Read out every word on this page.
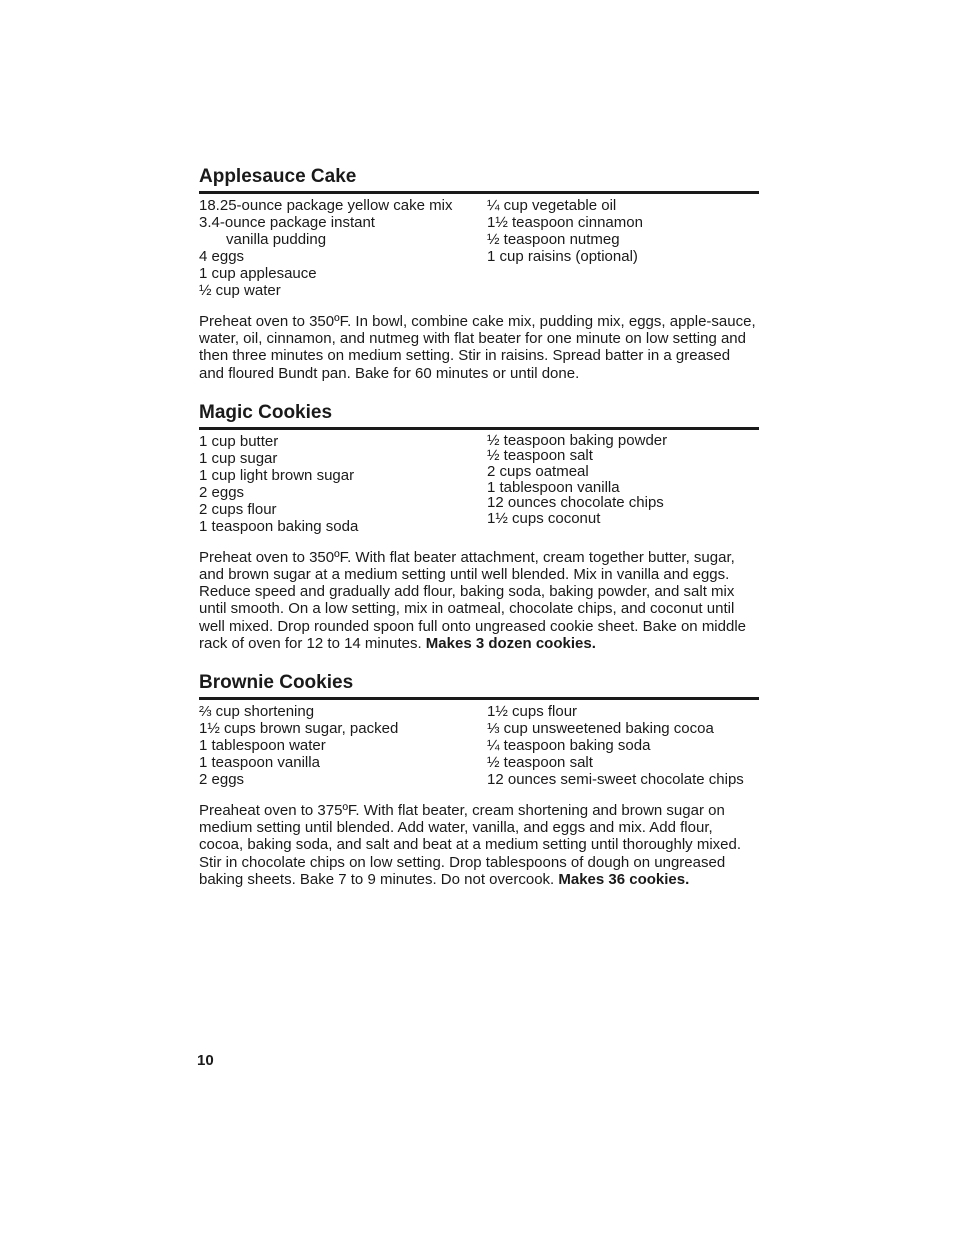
Applesauce Cake
18.25-ounce package yellow cake mix
3.4-ounce package instant
vanilla pudding
4 eggs
1 cup applesauce
½ cup water
¼ cup vegetable oil
1½ teaspoon cinnamon
½ teaspoon nutmeg
1 cup raisins (optional)
Preheat oven to 350ºF. In bowl, combine cake mix, pudding mix, eggs, apple-sauce, water, oil, cinnamon, and nutmeg with flat beater for one minute on low setting and then three minutes on medium setting. Stir in raisins. Spread batter in a greased and floured Bundt pan. Bake for 60 minutes or until done.
Magic Cookies
1 cup butter
1 cup sugar
1 cup light brown sugar
2 eggs
2 cups flour
1 teaspoon baking soda
½ teaspoon baking powder
½ teaspoon salt
2 cups oatmeal
1 tablespoon vanilla
12 ounces chocolate chips
1½ cups coconut
Preheat oven to 350ºF. With flat beater attachment, cream together butter, sugar, and brown sugar at a medium setting until well blended. Mix in vanilla and eggs. Reduce speed and gradually add flour, baking soda, baking powder, and salt mix until smooth. On a low setting, mix in oatmeal, chocolate chips, and coconut until well mixed. Drop rounded spoon full onto ungreased cookie sheet. Bake on middle rack of oven for 12 to 14 minutes. Makes 3 dozen cookies.
Brownie Cookies
⅔ cup shortening
1½ cups brown sugar, packed
1 tablespoon water
1 teaspoon vanilla
2 eggs
1½ cups flour
⅓ cup unsweetened baking cocoa
¼ teaspoon baking soda
½ teaspoon salt
12 ounces semi-sweet chocolate chips
Preaheat oven to 375ºF. With flat beater, cream shortening and brown sugar on medium setting until blended. Add water, vanilla, and eggs and mix. Add flour, cocoa, baking soda, and salt and beat at a medium setting until thoroughly mixed. Stir in chocolate chips on low setting. Drop tablespoons of dough on ungreased baking sheets. Bake 7 to 9 minutes. Do not overcook. Makes 36 cookies.
10
